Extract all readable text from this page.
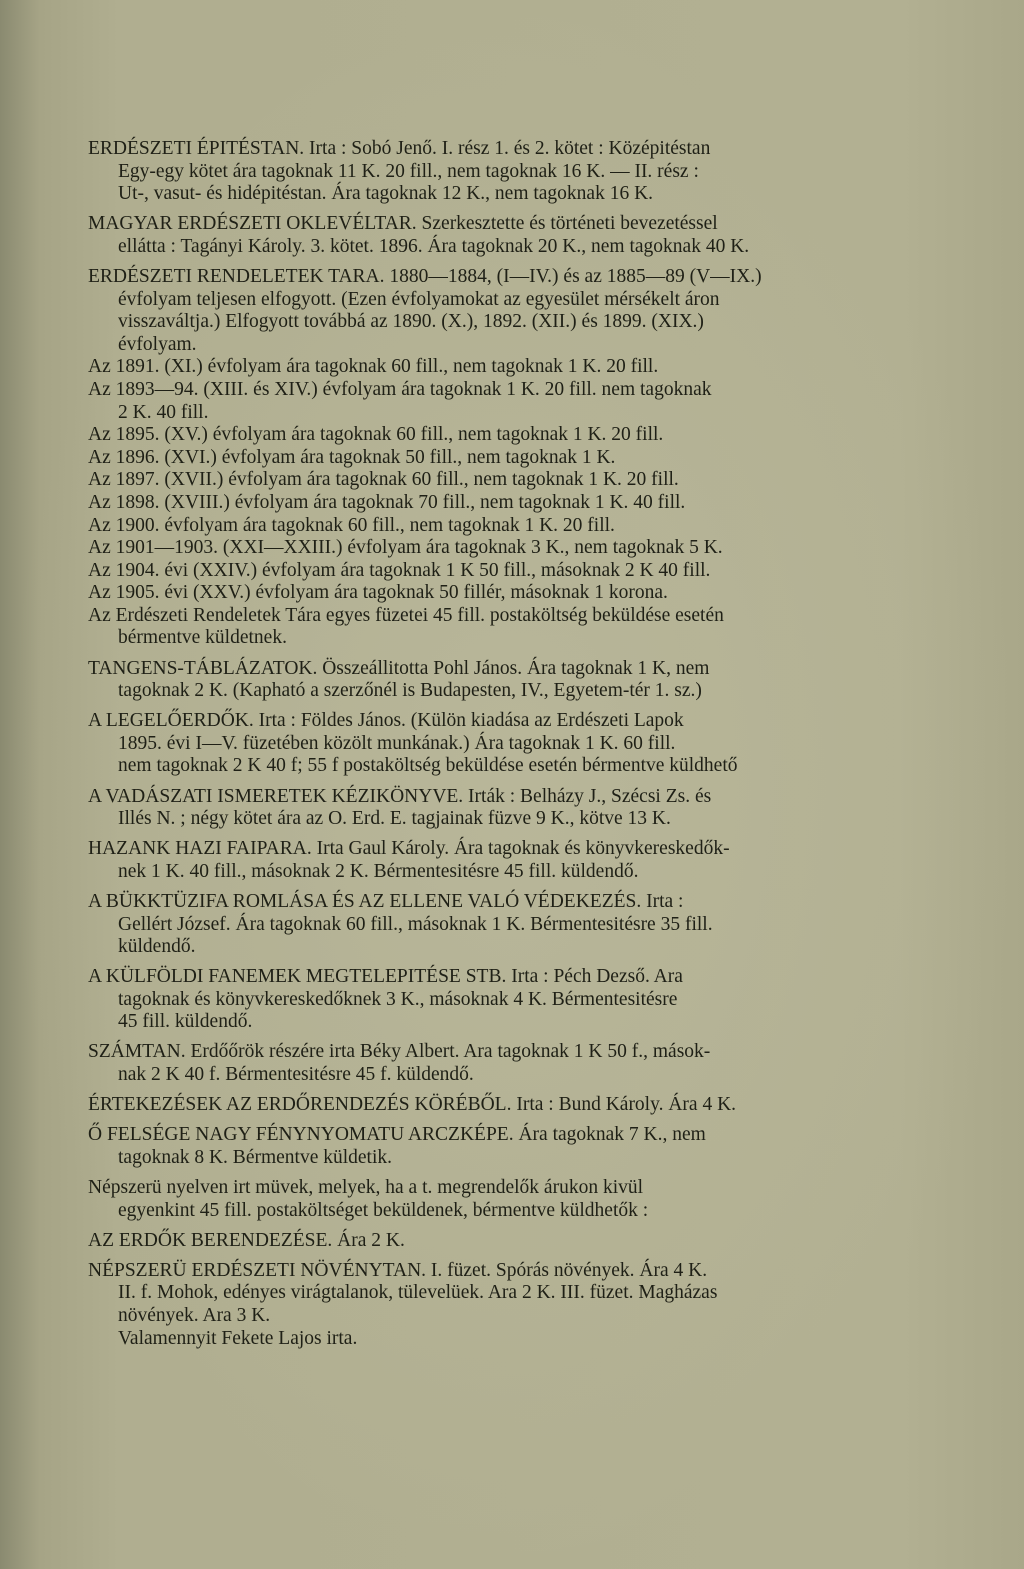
ERDÉSZETI ÉPITÉSTAN. Irta : Sobó Jenő. I. rész 1. és 2. kötet : Középitéstan
Egy-egy kötet ára tagoknak 11 K. 20 fill., nem tagoknak 16 K. — II. rész :
Ut-, vasut- és hidépitéstan. Ára tagoknak 12 K., nem tagoknak 16 K.
MAGYAR ERDÉSZETI OKLEVÉLTAR. Szerkesztette és történeti bevezetéssel
ellátta : Tagányi Károly. 3. kötet. 1896. Ára tagoknak 20 K., nem tagoknak 40 K.
ERDÉSZETI RENDELETEK TARA. 1880—1884, (I—IV.) és az 1885—89 (V—IX.)
évfolyam teljesen elfogyott. (Ezen évfolyamokat az egyesület mérsékelt áron
visszaváltja.) Elfogyott továbbá az 1890. (X.), 1892. (XII.) és 1899. (XIX.)
évfolyam.
Az 1891. (XI.) évfolyam ára tagoknak 60 fill., nem tagoknak 1 K. 20 fill.
Az 1893—94. (XIII. és XIV.) évfolyam ára tagoknak 1 K. 20 fill. nem tagoknak
2 K. 40 fill.
Az 1895. (XV.) évfolyam ára tagoknak 60 fill., nem tagoknak 1 K. 20 fill.
Az 1896. (XVI.) évfolyam ára tagoknak 50 fill., nem tagoknak 1 K.
Az 1897. (XVII.) évfolyam ára tagoknak 60 fill., nem tagoknak 1 K. 20 fill.
Az 1898. (XVIII.) évfolyam ára tagoknak 70 fill., nem tagoknak 1 K. 40 fill.
Az 1900. évfolyam ára tagoknak 60 fill., nem tagoknak 1 K. 20 fill.
Az 1901—1903. (XXI—XXIII.) évfolyam ára tagoknak 3 K., nem tagoknak 5 K.
Az 1904. évi (XXIV.) évfolyam ára tagoknak 1 K 50 fill., másoknak 2 K 40 fill.
Az 1905. évi (XXV.) évfolyam ára tagoknak 50 fillér, másoknak 1 korona.
Az Erdészeti Rendeletek Tára egyes füzetei 45 fill. postaköltség beküldése esetén
bérmentve küldetnek.
TANGENS-TÁBLÁZATOK. Összeállitotta Pohl János. Ára tagoknak 1 K, nem
tagoknak 2 K. (Kapható a szerzőnél is Budapesten, IV., Egyetem-tér 1. sz.)
A LEGELŐERDŐK. Irta : Földes János. (Külön kiadása az Erdészeti Lapok
1895. évi I—V. füzetében közölt munkának.) Ára tagoknak 1 K. 60 fill.
nem tagoknak 2 K 40 f; 55 f postaköltség beküldése esetén bérmentve küldhető
A VADÁSZATI ISMERETEK KÉZIKÖNYVE. Irták : Belházy J., Szécsi Zs. és
Illés N. ; négy kötet ára az O. Erd. E. tagjainak füzve 9 K., kötve 13 K.
HAZANK HAZI FAIPARA. Irta Gaul Károly. Ára tagoknak és könyvkereskedők-
nek 1 K. 40 fill., másoknak 2 K. Bérmentesitésre 45 fill. küldendő.
A BÜKKTÜZIFA ROMLÁSA ÉS AZ ELLENE VALÓ VÉDEKEZÉS. Irta :
Gellért József. Ára tagoknak 60 fill., másoknak 1 K. Bérmentesitésre 35 fill.
küldendő.
A KÜLFÖLDI FANEMEK MEGTELEPITÉSE STB. Irta : Péch Dezső. Ara
tagoknak és könyvkereskedőknek 3 K., másoknak 4 K. Bérmentesitésre
45 fill. küldendő.
SZÁMTAN. Erdőőrök részére irta Béky Albert. Ara tagoknak 1 K 50 f., mások-
nak 2 K 40 f. Bérmentesitésre 45 f. küldendő.
ÉRTEKEZÉSEK AZ ERDŐRENDEZÉS KÖRÉBŐL. Irta : Bund Károly. Ára 4 K.
Ő FELSÉGE NAGY FÉNYNYOMATU ARCZKÉPE. Ára tagoknak 7 K., nem
tagoknak 8 K. Bérmentve küldetik.
Népszerü nyelven irt müvek, melyek, ha a t. megrendelők árukon kivül
egyenkint 45 fill. postaköltséget beküldenek, bérmentve küldhetők :
AZ ERDŐK BERENDEZÉSE. Ára 2 K.
NÉPSZERÜ ERDÉSZETI NÖVÉNYTAN. I. füzet. Spórás növények. Ára 4 K.
II. f. Mohok, edényes virágtalanok, tülevelüek. Ara 2 K. III. füzet. Magházas
növények. Ara 3 K.
Valamennyit Fekete Lajos irta.
